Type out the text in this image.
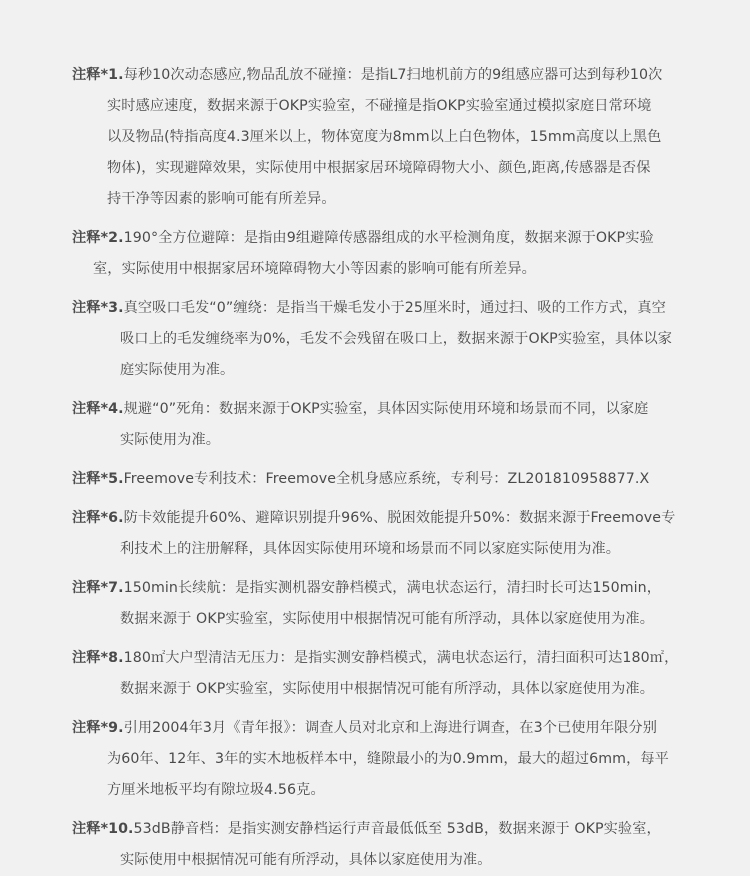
注释*1.每秒10次动态感应,物品乱放不碰撞：是指L7扫地机前方的9组感应器可达到每秒10次
实时感应速度，数据来源于OKP实验室，不碰撞是指OKP实验室通过模拟家庭日常环境
以及物品(特指高度4.3厘米以上，物体宽度为8mm以上白色物体，15mm高度以上黑色
物体)，实现避障效果，实际使用中根据家居环境障碍物大小、颜色,距离,传感器是否保
持干净等因素的影响可能有所差异。
注释*2.190°全方位避障：是指由9组避障传感器组成的水平检测角度，数据来源于OKP实验
室，实际使用中根据家居环境障碍物大小等因素的影响可能有所差异。
注释*3.真空吸口毛发“0”缠绕：是指当干燥毛发小于25厘米时，通过扫、吸的工作方式，真空
吸口上的毛发缠绕率为0%，毛发不会残留在吸口上，数据来源于OKP实验室，具体以家
庭实际使用为准。
注释*4.规避“0”死角：数据来源于OKP实验室，具体因实际使用环境和场景而不同，以家庭
实际使用为准。
注释*5.Freemove专利技术：Freemove全机身感应系统，专利号：ZL201810958877.X
注释*6.防卡效能提升60%、避障识别提升96%、脱困效能提升50%：数据来源于Freemove专
利技术上的注册解释，具体因实际使用环境和场景而不同以家庭实际使用为准。
注释*7.150min长续航：是指实测机器安静档模式，满电状态运行，清扫时长可达150min，
数据来源于 OKP实验室，实际使用中根据情况可能有所浮动，具体以家庭使用为准。
注释*8.180㎡大户型清洁无压力：是指实测安静档模式，满电状态运行，清扫面积可达180㎡，
数据来源于 OKP实验室，实际使用中根据情况可能有所浮动，具体以家庭使用为准。
注释*9.引用2004年3月《青年报》：调查人员对北京和上海进行调查，在3个已使用年限分别
为60年、12年、3年的实木地板样本中，缝隙最小的为0.9mm，最大的超过6mm，每平
方厘米地板平均有隙垃圾4.56克。
注释*10.53dB静音档：是指实测安静档运行声音最低低至 53dB，数据来源于 OKP实验室，
实际使用中根据情况可能有所浮动，具体以家庭使用为准。
